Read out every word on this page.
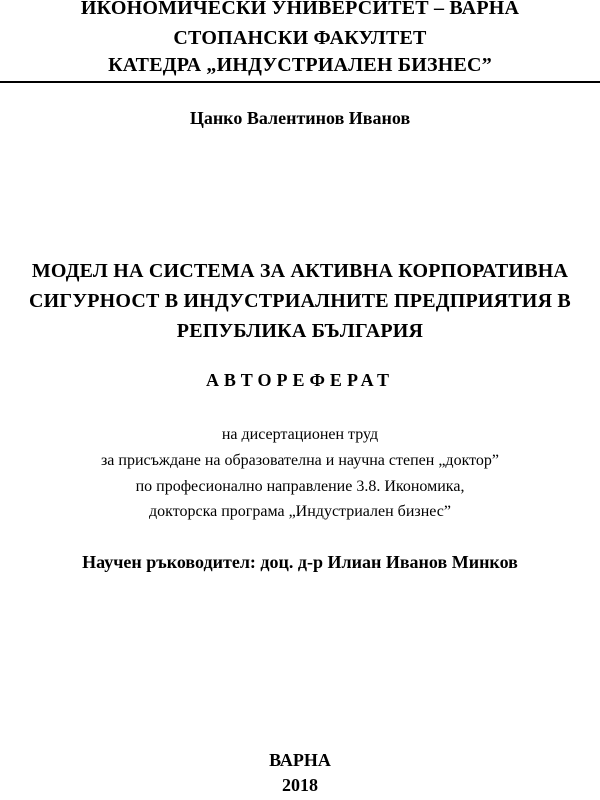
ИКОНОМИЧЕСКИ УНИВЕРСИТЕТ – ВАРНА
СТОПАНСКИ ФАКУЛТЕТ
КАТЕДРА „ИНДУСТРИАЛЕН БИЗНЕС”
Цанко Валентинов Иванов
МОДЕЛ НА СИСТЕМА ЗА АКТИВНА КОРПОРАТИВНА
СИГУРНОСТ В ИНДУСТРИАЛНИТЕ ПРЕДПРИЯТИЯ В
РЕПУБЛИКА БЪЛГАРИЯ
АВТОРЕФЕРАТ
на дисертационен труд
за присъждане на образователна и научна степен „доктор”
по професионално направление 3.8. Икономика,
докторска програма „Индустриален бизнес”
Научен ръководител: доц. д-р Илиан Иванов Минков
ВАРНА
2018
